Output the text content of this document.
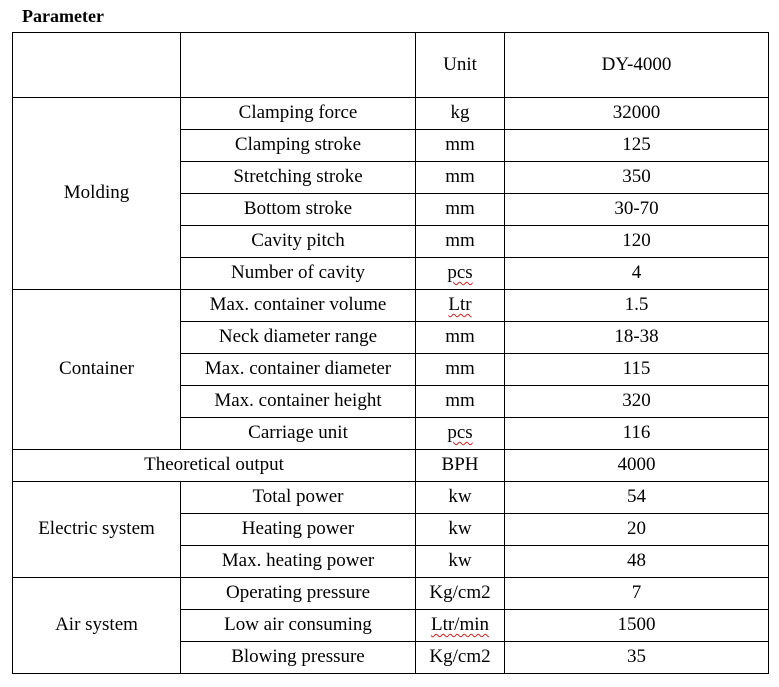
Parameter
		Unit	DY-4000
Molding	Clamping force	kg	32000
	Clamping stroke	mm	125
	Stretching stroke	mm	350
	Bottom stroke	mm	30-70
	Cavity pitch	mm	120
	Number of cavity	pcs	4
Container	Max. container volume	Ltr	1.5
	Neck diameter range	mm	18-38
	Max. container diameter	mm	115
	Max. container height	mm	320
	Carriage unit	pcs	116
Theoretical output		BPH	4000
Electric system	Total power	kw	54
	Heating power	kw	20
	Max. heating power	kw	48
Air system	Operating pressure	Kg/cm2	7
	Low air consuming	Ltr/min	1500
	Blowing pressure	Kg/cm2	35
